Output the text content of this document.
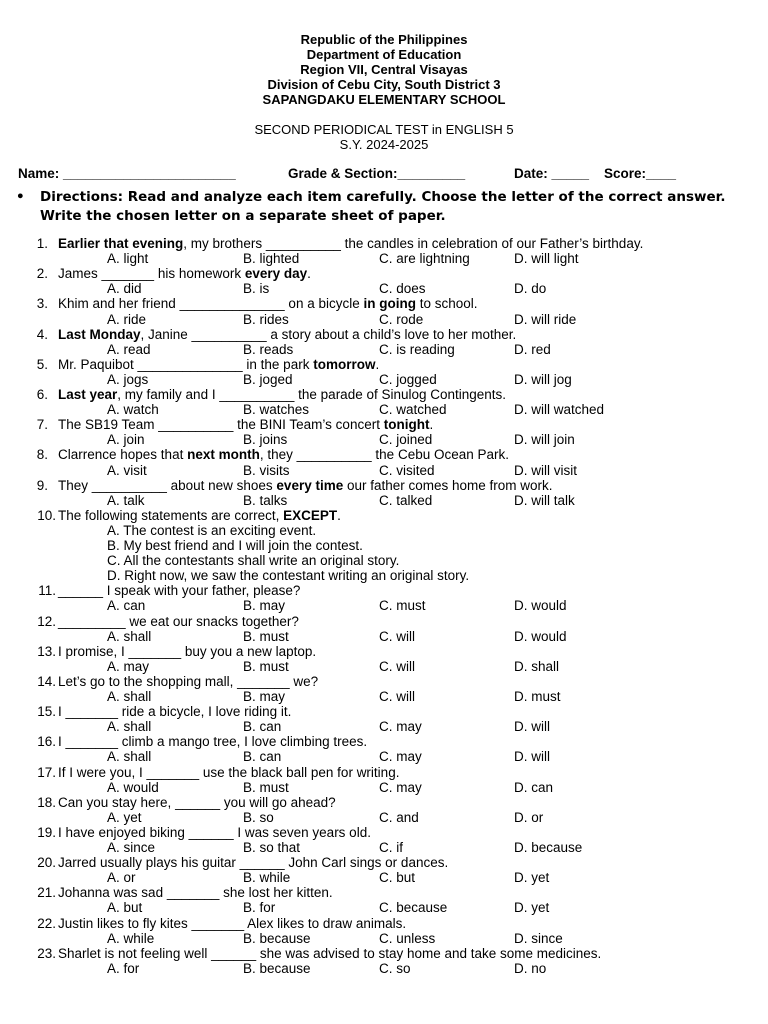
Republic of the Philippines
Department of Education
Region VII, Central Visayas
Division of Cebu City, South District 3
SAPANGDAKU ELEMENTARY SCHOOL
SECOND PERIODICAL TEST in ENGLISH 5
S.Y. 2024-2025
Name: _______________________	Grade & Section:_________	Date: _____ Score:____
• Directions: Read and analyze each item carefully. Choose the letter of the correct answer. Write the chosen letter on a separate sheet of paper.
1. Earlier that evening, my brothers __________ the candles in celebration of our Father’s birthday.
A. light	B. lighted	C. are lightning	D. will light
2. James _______ his homework every day.
A. did	B. is	C. does	D. do
3. Khim and her friend ______________ on a bicycle in going to school.
A. ride	B. rides	C. rode	D. will ride
4. Last Monday, Janine __________ a story about a child’s love to her mother.
A. read	B. reads	C. is reading	D. red
5. Mr. Paquibot ______________ in the park tomorrow.
A. jogs	B. joged	C. jogged	D. will jog
6. Last year, my family and I __________ the parade of Sinulog Contingents.
A. watch	B. watches	C. watched	D. will watched
7. The SB19 Team __________ the BINI Team’s concert tonight.
A. join	B. joins	C. joined	D. will join
8. Clarrence hopes that next month, they __________ the Cebu Ocean Park.
A. visit	B. visits	C. visited	D. will visit
9. They __________ about new shoes every time our father comes home from work.
A. talk	B. talks	C. talked	D. will talk
10. The following statements are correct, EXCEPT.
A. The contest is an exciting event.
B. My best friend and I will join the contest.
C. All the contestants shall write an original story.
D. Right now, we saw the contestant writing an original story.
11. ______ I speak with your father, please?
A. can	B. may	C. must	D. would
12. _________ we eat our snacks together?
A. shall	B. must	C. will	D. would
13. I promise, I _______ buy you a new laptop.
A. may	B. must	C. will	D. shall
14. Let’s go to the shopping mall, _______ we?
A. shall	B. may	C. will	D. must
15. I _______ ride a bicycle, I love riding it.
A. shall	B. can	C. may	D. will
16. I _______ climb a mango tree, I love climbing trees.
A. shall	B. can	C. may	D. will
17. If I were you, I _______ use the black ball pen for writing.
A. would	B. must	C. may	D. can
18. Can you stay here, ______ you will go ahead?
A. yet	B. so	C. and	D. or
19. I have enjoyed biking ______ I was seven years old.
A. since	B. so that	C. if	D. because
20. Jarred usually plays his guitar ______ John Carl sings or dances.
A. or	B. while	C. but	D. yet
21. Johanna was sad _______ she lost her kitten.
A. but	B. for	C. because	D. yet
22. Justin likes to fly kites _______ Alex likes to draw animals.
A. while	B. because	C. unless	D. since
23. Sharlet is not feeling well ______ she was advised to stay home and take some medicines.
A. for	B. because	C. so	D. no
